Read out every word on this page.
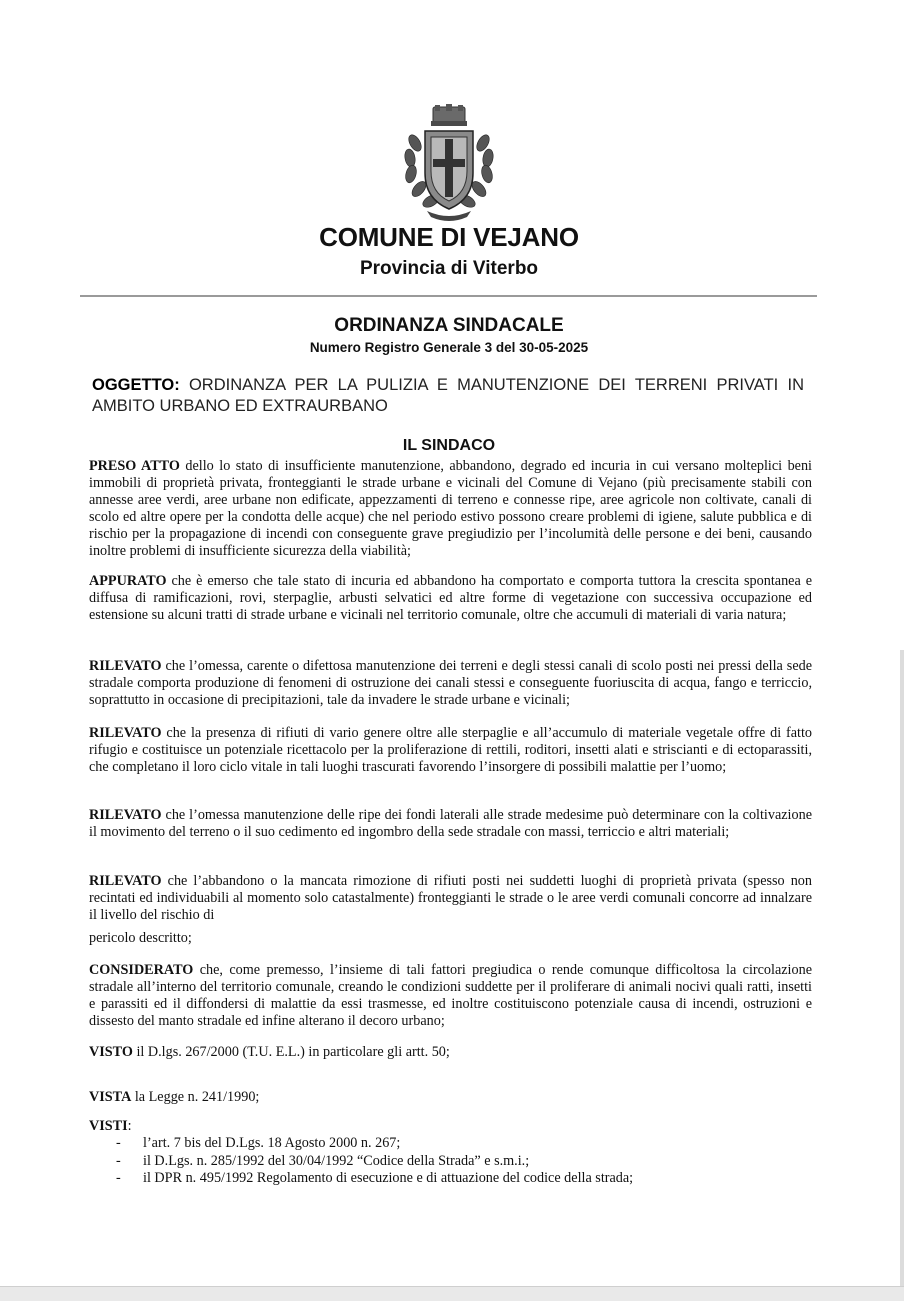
COMUNE DI VEJANO
Provincia di Viterbo
ORDINANZA SINDACALE
Numero Registro Generale 3 del 30-05-2025
OGGETTO: ORDINANZA PER LA PULIZIA E MANUTENZIONE DEI TERRENI PRIVATI IN AMBITO URBANO ED EXTRAURBANO
IL SINDACO

PRESO ATTO dello lo stato di insufficiente manutenzione, abbandono, degrado ed incuria in cui versano molteplici beni immobili di proprietà privata, fronteggianti le strade urbane e vicinali del Comune di Vejano (più precisamente stabili con annesse aree verdi, aree urbane non edificate, appezzamenti di terreno e connesse ripe, aree agricole non coltivate, canali di scolo ed altre opere per la condotta delle acque) che nel periodo estivo possono creare problemi di igiene, salute pubblica e di rischio per la propagazione di incendi con conseguente grave pregiudizio per l’incolumità delle persone e dei beni, causando inoltre problemi di insufficiente sicurezza della viabilità;

APPURATO che è emerso che tale stato di incuria ed abbandono ha comportato e comporta tuttora la crescita spontanea e diffusa di ramificazioni, rovi, sterpaglie, arbusti selvatici ed altre forme di vegetazione con successiva occupazione ed estensione su alcuni tratti di strade urbane e vicinali nel territorio comunale, oltre che accumuli di materiali di varia natura;

RILEVATO che l’omessa, carente o difettosa manutenzione dei terreni e degli stessi canali di scolo posti nei pressi della sede stradale comporta produzione di fenomeni di ostruzione dei canali stessi e conseguente fuoriuscita di acqua, fango e terriccio, soprattutto in occasione di precipitazioni, tale da invadere le strade urbane e vicinali;

RILEVATO che la presenza di rifiuti di vario genere oltre alle sterpaglie e all’accumulo di materiale vegetale offre di fatto rifugio e costituisce un potenziale ricettacolo per la proliferazione di rettili, roditori, insetti alati e striscianti e di ectoparassiti, che completano il loro ciclo vitale in tali luoghi trascurati favorendo l’insorgere di possibili malattie per l’uomo;

RILEVATO che l’omessa manutenzione delle ripe dei fondi laterali alle strade medesime può determinare con la coltivazione il movimento del terreno o il suo cedimento ed ingombro della sede stradale con massi, terriccio e altri materiali;

RILEVATO che l’abbandono o la mancata rimozione di rifiuti posti nei suddetti luoghi di proprietà privata (spesso non recintati ed individuabili al momento solo catastalmente) fronteggianti le strade o le aree verdi comunali concorre ad innalzare il livello del rischio di

pericolo descritto;

CONSIDERATO che, come premesso, l’insieme di tali fattori pregiudica o rende comunque difficoltosa la circolazione stradale all’interno del territorio comunale, creando le condizioni suddette per il proliferare di animali nocivi quali ratti, insetti e parassiti ed il diffondersi di malattie da essi trasmesse, ed inoltre costituiscono potenziale causa di incendi, ostruzioni e dissesto del manto stradale ed infine alterano il decoro urbano;

VISTO il D.lgs. 267/2000 (T.U. E.L.) in particolare gli artt. 50;

VISTA la Legge n. 241/1990;

VISTI:

- l’art. 7 bis del D.Lgs. 18 Agosto 2000 n. 267;
- il D.Lgs. n. 285/1992 del 30/04/1992 “Codice della Strada” e s.m.i.;
- il DPR n. 495/1992 Regolamento di esecuzione e di attuazione del codice della strada;
